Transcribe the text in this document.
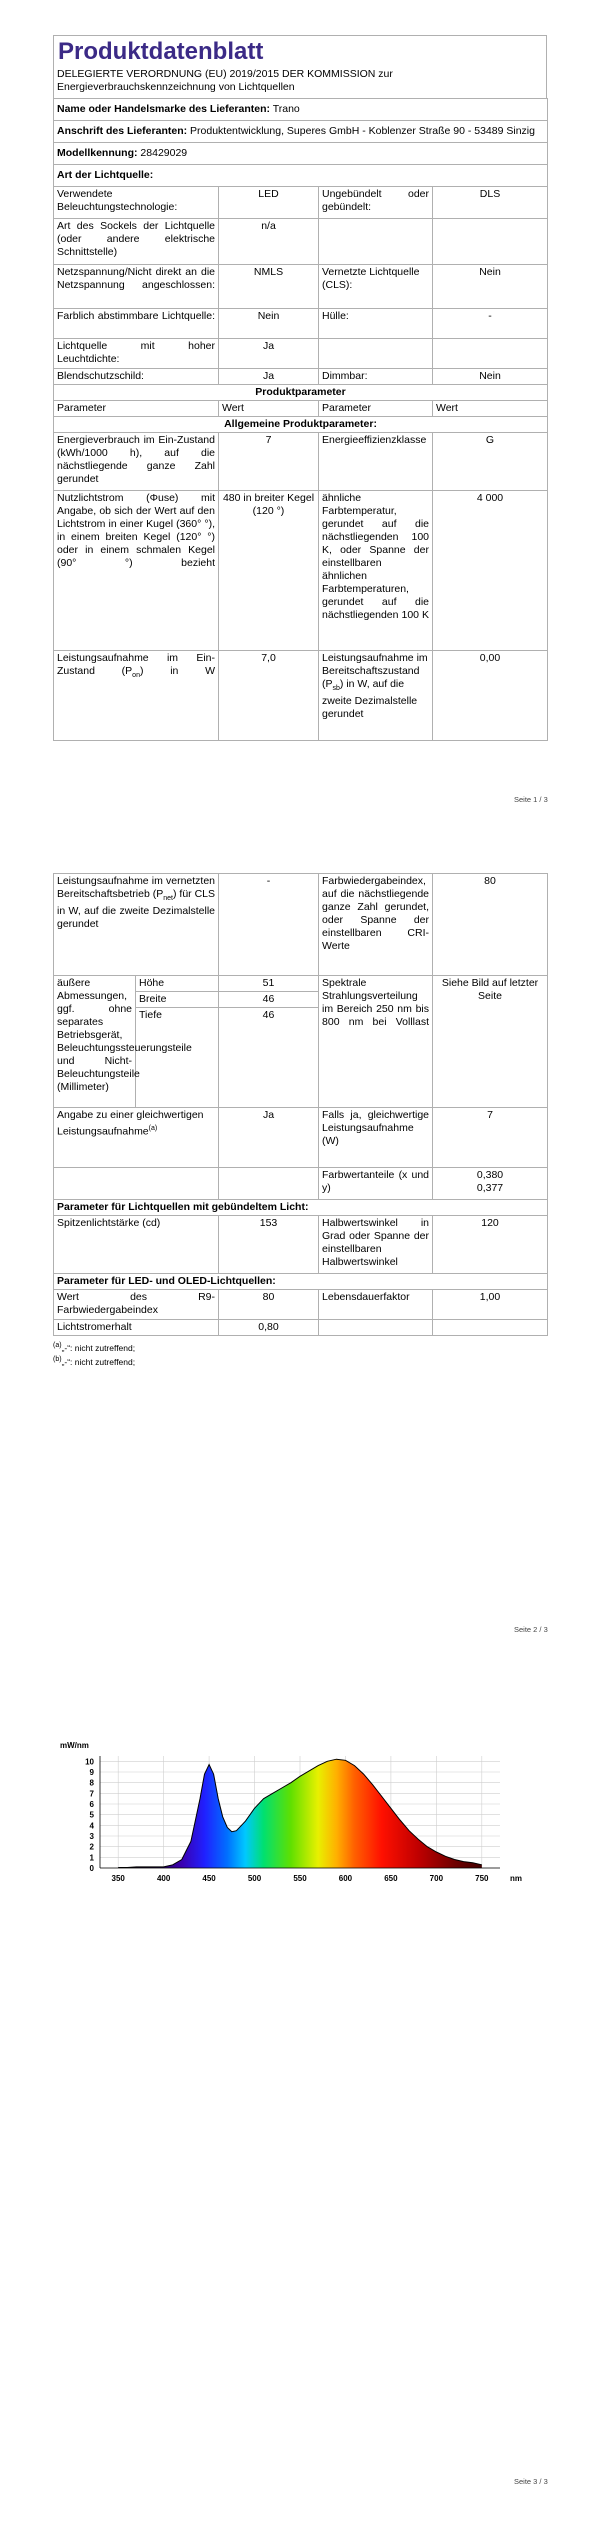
Produktdatenblatt
DELEGIERTE VERORDNUNG (EU) 2019/2015 DER KOMMISSION zur Energieverbrauchskennzeichnung von Lichtquellen
Name oder Handelsmarke des Lieferanten: Trano			
Anschrift des Lieferanten: Produktentwicklung, Superes GmbH - Koblenzer Straße 90 - 53489 Sinzig			
Modellkennung: 28429029			
Art der Lichtquelle:			
Verwendete Beleuchtungstechnologie:	LED	Ungebündelt oder gebündelt:	DLS
Art des Sockels der Lichtquelle (oder andere elektrische Schnittstelle)	n/a		
Netzspannung/Nicht direkt an die Netzspannung angeschlossen:	NMLS	Vernetzte Lichtquelle (CLS):	Nein
Farblich abstimmbare Lichtquelle:	Nein	Hülle:	-
Lichtquelle mit hoher Leuchtdichte:	Ja		
Blendschutzschild:	Ja	Dimmbar:	Nein
Produktparameter			
Parameter	Wert	Parameter	Wert
Allgemeine Produktparameter:			
Energieverbrauch im Ein-Zustand (kWh/1000 h), auf die nächstliegende ganze Zahl gerundet	7	Energieeffizienzklasse	G
Nutzlichtstrom (Φuse) mit Angabe, ob sich der Wert auf den Lichtstrom in einer Kugel (360° °), in einem breiten Kegel (120° °) oder in einem schmalen Kegel (90° °) bezieht	480 in breiter Kegel (120 °)	ähnliche Farbtemperatur, gerundet auf die nächstliegenden 100 K, oder Spanne der einstellbaren ähnlichen Farbtemperaturen, gerundet auf die nächstliegenden 100 K	4 000
Leistungsaufnahme im Ein-Zustand $(P_{on})$ in W	7,0	Leistungsaufnahme im Bereitschaftszustand $(P_{sb})$ in W, auf die zweite Dezimalstelle gerundet	0,00
Seite 1 / 3
Leistungsaufnahme im vernetzten Bereitschaftsbetrieb $(P_{net})$ für CLS in W, auf die zweite Dezimalstelle gerundet		-	Farbwiedergabeindex, auf die nächstliegende ganze Zahl gerundet, oder Spanne der einstellbaren CRI-Werte	80
äußere Abmessungen, ggf. ohne separates Betriebsgerät, Beleuchtungssteuerungsteile und Nicht-Beleuchtungsteile (Millimeter)	Höhe	51	Spektrale Strahlungsverteilung im Bereich 250 nm bis 800 nm bei Volllast	Siehe Bild auf letzter Seite
	Breite	46		
	Tiefe	46		
Angabe zu einer gleichwertigen Leistungsaufnahme$^{(a)}$		Ja	Falls ja, gleichwertige Leistungsaufnahme (W)	7
			Farbwertanteile (x und y)	0,380
0,377

Parameter für Lichtquellen mit gebündeltem Licht:				
Spitzenlichtstärke (cd)		153	Halbwertswinkel in Grad oder Spanne der einstellbaren Halbwertswinkel	120
Parameter für LED- und OLED-Lichtquellen:				
Wert des R9-Farbwiedergabeindex		80	Lebensdauerfaktor	1,00
Lichtstromerhalt		0,80		
$^{(a)}$„-“: nicht zutreffend;
$^{(b)}$„-“: nicht zutreffend;
Seite 2 / 3
0
1
2
3
4
5
6
7
8
9
10
350	400	450	500	550	600	650	700	750
mW/nm
nm
Seite 3 / 3
